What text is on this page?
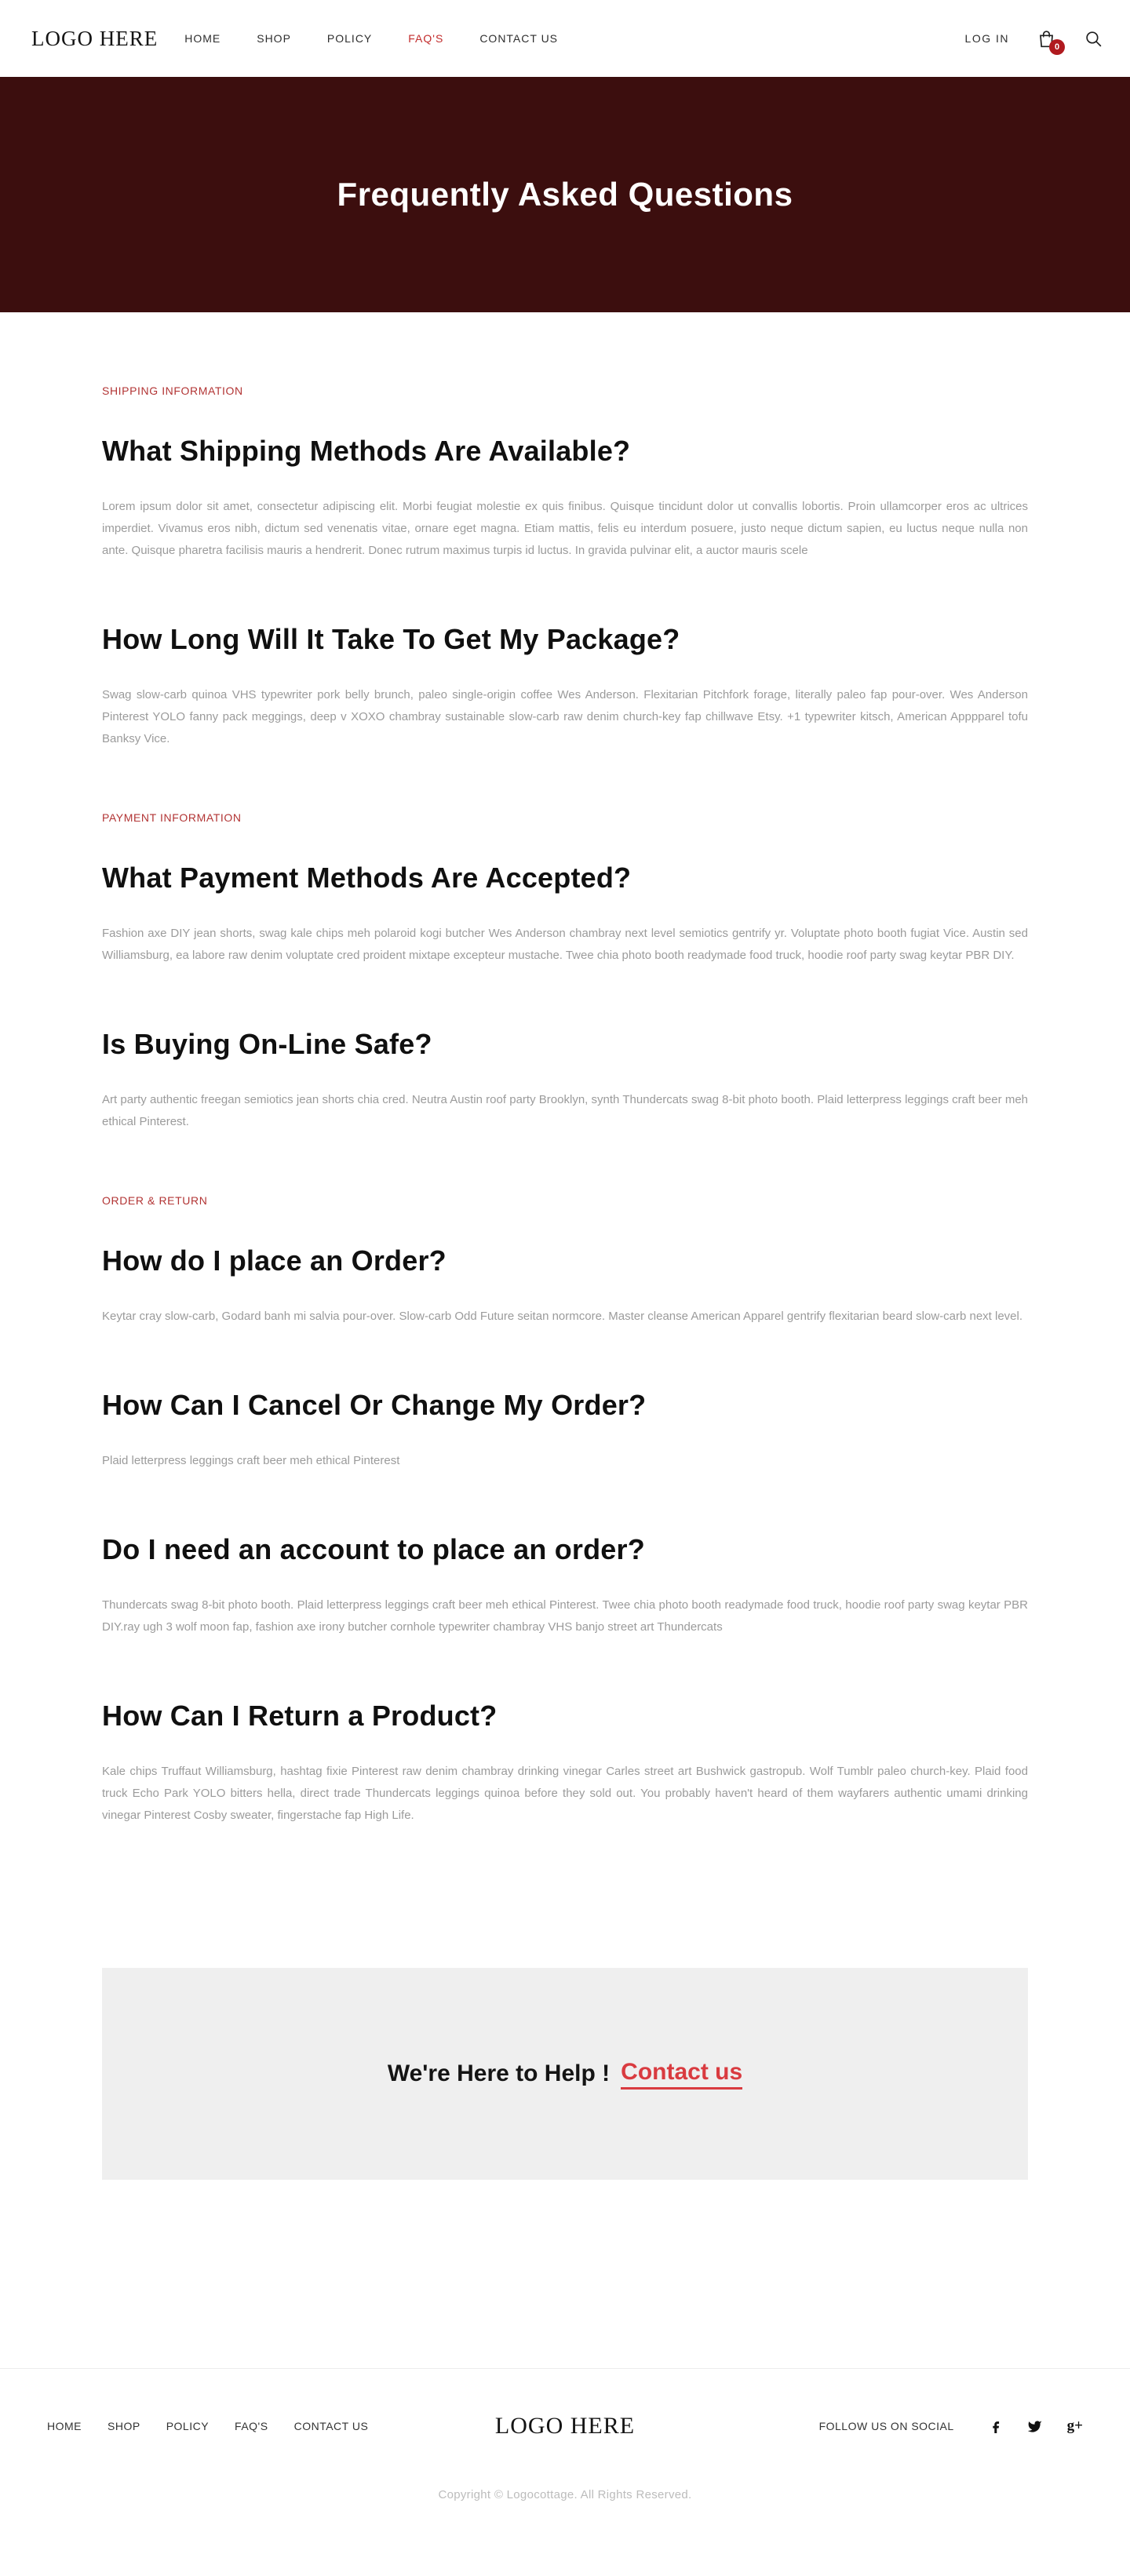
LOGO HERE HOME	SHOP	POLICY	FAQ'S	CONTACT US	LOG IN
0
Frequently Asked Questions

SHIPPING INFORMATION

What Shipping Methods Are Available?

Lorem ipsum dolor sit amet, consectetur adipiscing elit. Morbi feugiat molestie ex quis finibus. Quisque tincidunt dolor ut convallis lobortis. Proin ullamcorper eros ac ultrices imperdiet. Vivamus eros nibh, dictum sed venenatis vitae, ornare eget magna. Etiam mattis, felis eu interdum posuere, justo neque dictum sapien, eu luctus neque nulla non ante. Quisque pharetra facilisis mauris a hendrerit. Donec rutrum maximus turpis id luctus. In gravida pulvinar elit, a auctor mauris scele

How Long Will It Take To Get My Package?

Swag slow-carb quinoa VHS typewriter pork belly brunch, paleo single-origin coffee Wes Anderson. Flexitarian Pitchfork forage, literally paleo fap pour-over. Wes Anderson Pinterest YOLO fanny pack meggings, deep v XOXO chambray sustainable slow-carb raw denim church-key fap chillwave Etsy. +1 typewriter kitsch, American Apppparel tofu Banksy Vice.

PAYMENT INFORMATION

What Payment Methods Are Accepted?

Fashion axe DIY jean shorts, swag kale chips meh polaroid kogi butcher Wes Anderson chambray next level semiotics gentrify yr. Voluptate photo booth fugiat Vice. Austin sed Williamsburg, ea labore raw denim voluptate cred proident mixtape excepteur mustache. Twee chia photo booth readymade food truck, hoodie roof party swag keytar PBR DIY.

Is Buying On-Line Safe?

Art party authentic freegan semiotics jean shorts chia cred. Neutra Austin roof party Brooklyn, synth Thundercats swag 8-bit photo booth. Plaid letterpress leggings craft beer meh ethical Pinterest.

ORDER & RETURN

How do I place an Order?

Keytar cray slow-carb, Godard banh mi salvia pour-over. Slow-carb Odd Future seitan normcore. Master cleanse American Apparel gentrify flexitarian beard slow-carb next level.

How Can I Cancel Or Change My Order?

Plaid letterpress leggings craft beer meh ethical Pinterest

Do I need an account to place an order?

Thundercats swag 8-bit photo booth. Plaid letterpress leggings craft beer meh ethical Pinterest. Twee chia photo booth readymade food truck, hoodie roof party swag keytar PBR DIY.ray ugh 3 wolf moon fap, fashion axe irony butcher cornhole typewriter chambray VHS banjo street art Thundercats

How Can I Return a Product?

Kale chips Truffaut Williamsburg, hashtag fixie Pinterest raw denim chambray drinking vinegar Carles street art Bushwick gastropub. Wolf Tumblr paleo church-key. Plaid food truck Echo Park YOLO bitters hella, direct trade Thundercats leggings quinoa before they sold out. You probably haven't heard of them wayfarers authentic umami drinking vinegar Pinterest Cosby sweater, fingerstache fap High Life.

We're Here to Help ! Contact us
HOME SHOP POLICY FAQ'S CONTACT US	LOGO HERE	FOLLOW US ON SOCIAL	g+
Copyright © Logocottage. All Rights Reserved.
